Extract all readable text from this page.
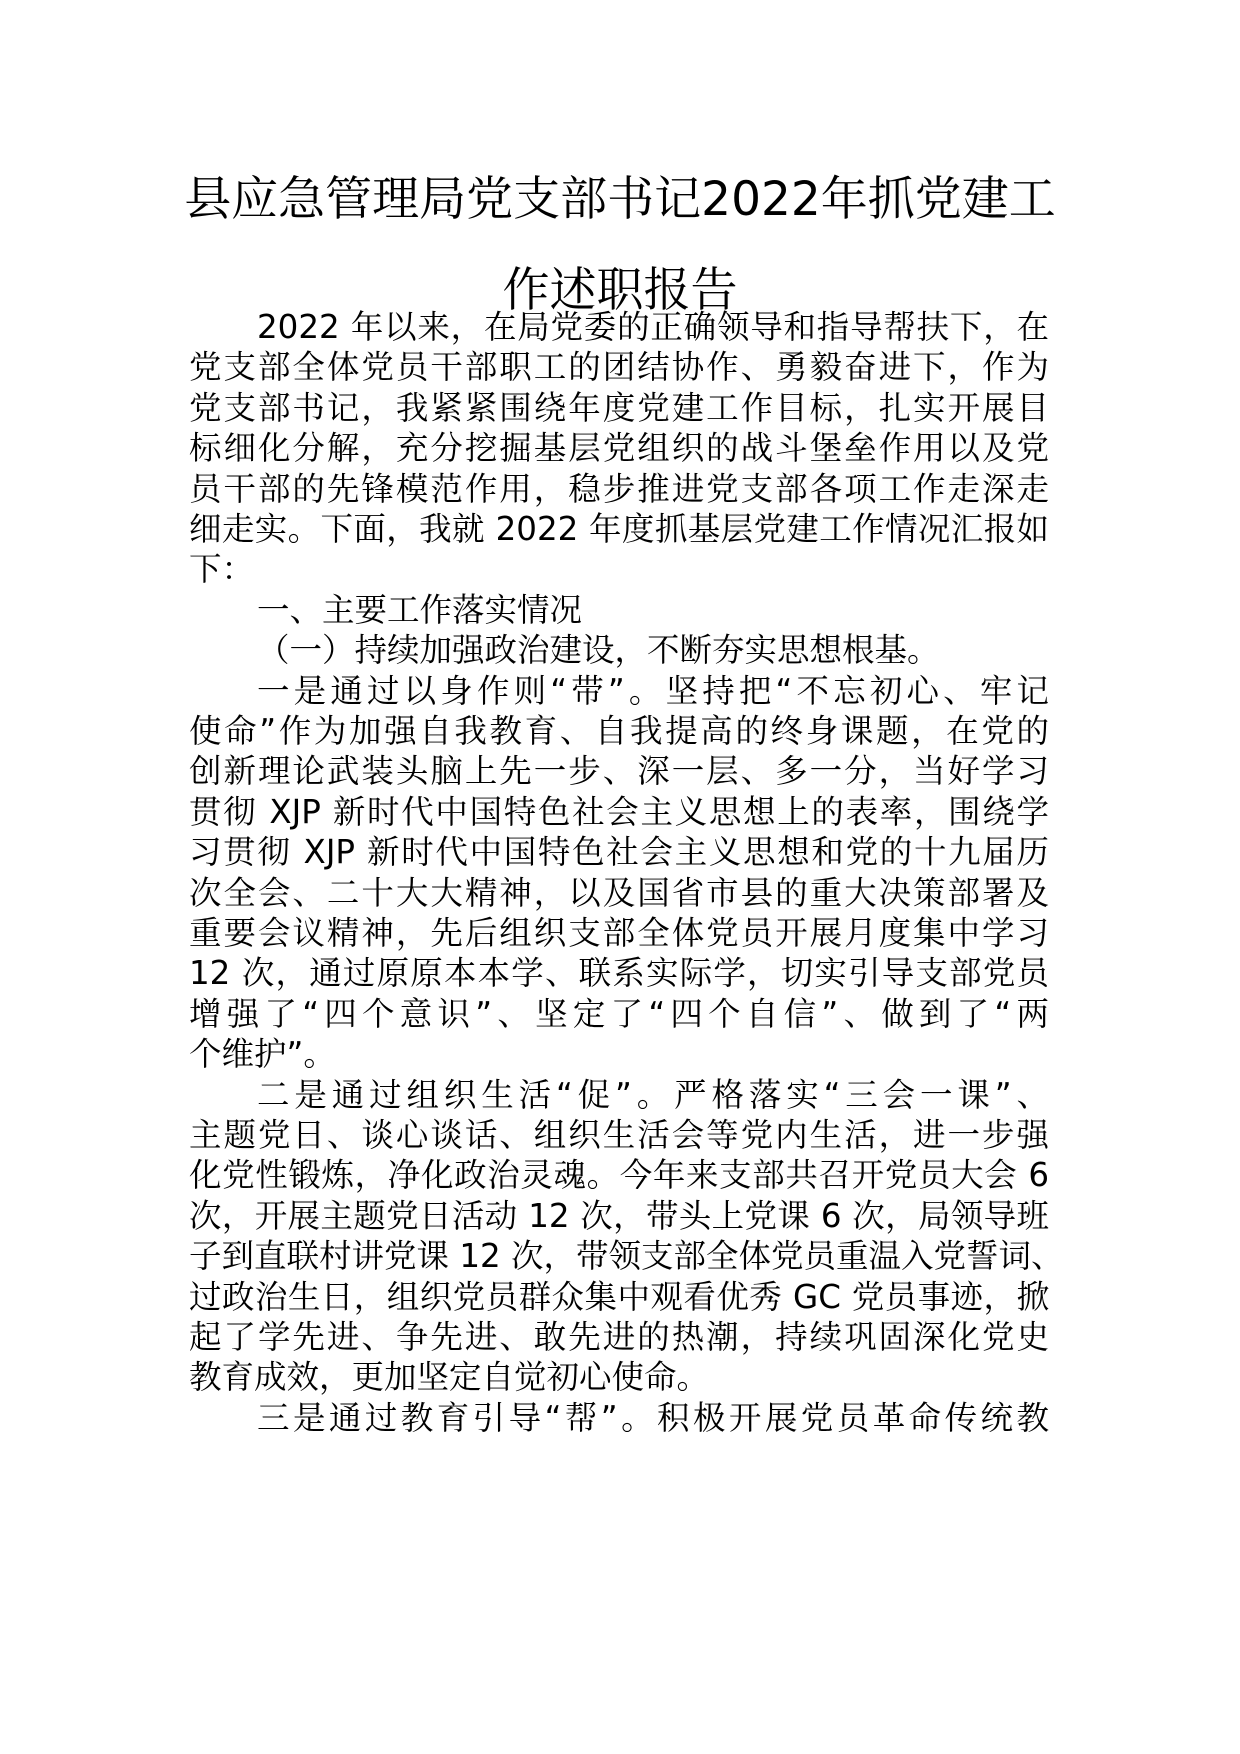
县应急管理局党支部书记2022年抓党建工
作述职报告

2022 年以来，在局党委的正确领导和指导帮扶下，在

党支部全体党员干部职工的团结协作、勇毅奋进下，作为

党支部书记，我紧紧围绕年度党建工作目标，扎实开展目

标细化分解，充分挖掘基层党组织的战斗堡垒作用以及党

员干部的先锋模范作用，稳步推进党支部各项工作走深走

细走实。下面，我就 2022 年度抓基层党建工作情况汇报如

下：

一、主要工作落实情况

（一）持续加强政治建设，不断夯实思想根基。

一是通过以身作则“带”。坚持把“不忘初心、牢记

使命”作为加强自我教育、自我提高的终身课题，在党的

创新理论武装头脑上先一步、深一层、多一分，当好学习

贯彻 XJP 新时代中国特色社会主义思想上的表率，围绕学

习贯彻 XJP 新时代中国特色社会主义思想和党的十九届历

次全会、二十大大精神，以及国省市县的重大决策部署及

重要会议精神，先后组织支部全体党员开展月度集中学习

12 次，通过原原本本学、联系实际学，切实引导支部党员

增强了“四个意识”、坚定了“四个自信”、做到了“两

个维护”。

二是通过组织生活“促”。严格落实“三会一课”、

主题党日、谈心谈话、组织生活会等党内生活，进一步强

化党性锻炼，净化政治灵魂。今年来支部共召开党员大会 6

次，开展主题党日活动 12 次，带头上党课 6 次，局领导班

子到直联村讲党课 12 次，带领支部全体党员重温入党誓词、

过政治生日，组织党员群众集中观看优秀 GC 党员事迹，掀

起了学先进、争先进、敢先进的热潮，持续巩固深化党史

教育成效，更加坚定自觉初心使命。

三是通过教育引导“帮”。积极开展党员革命传统教
